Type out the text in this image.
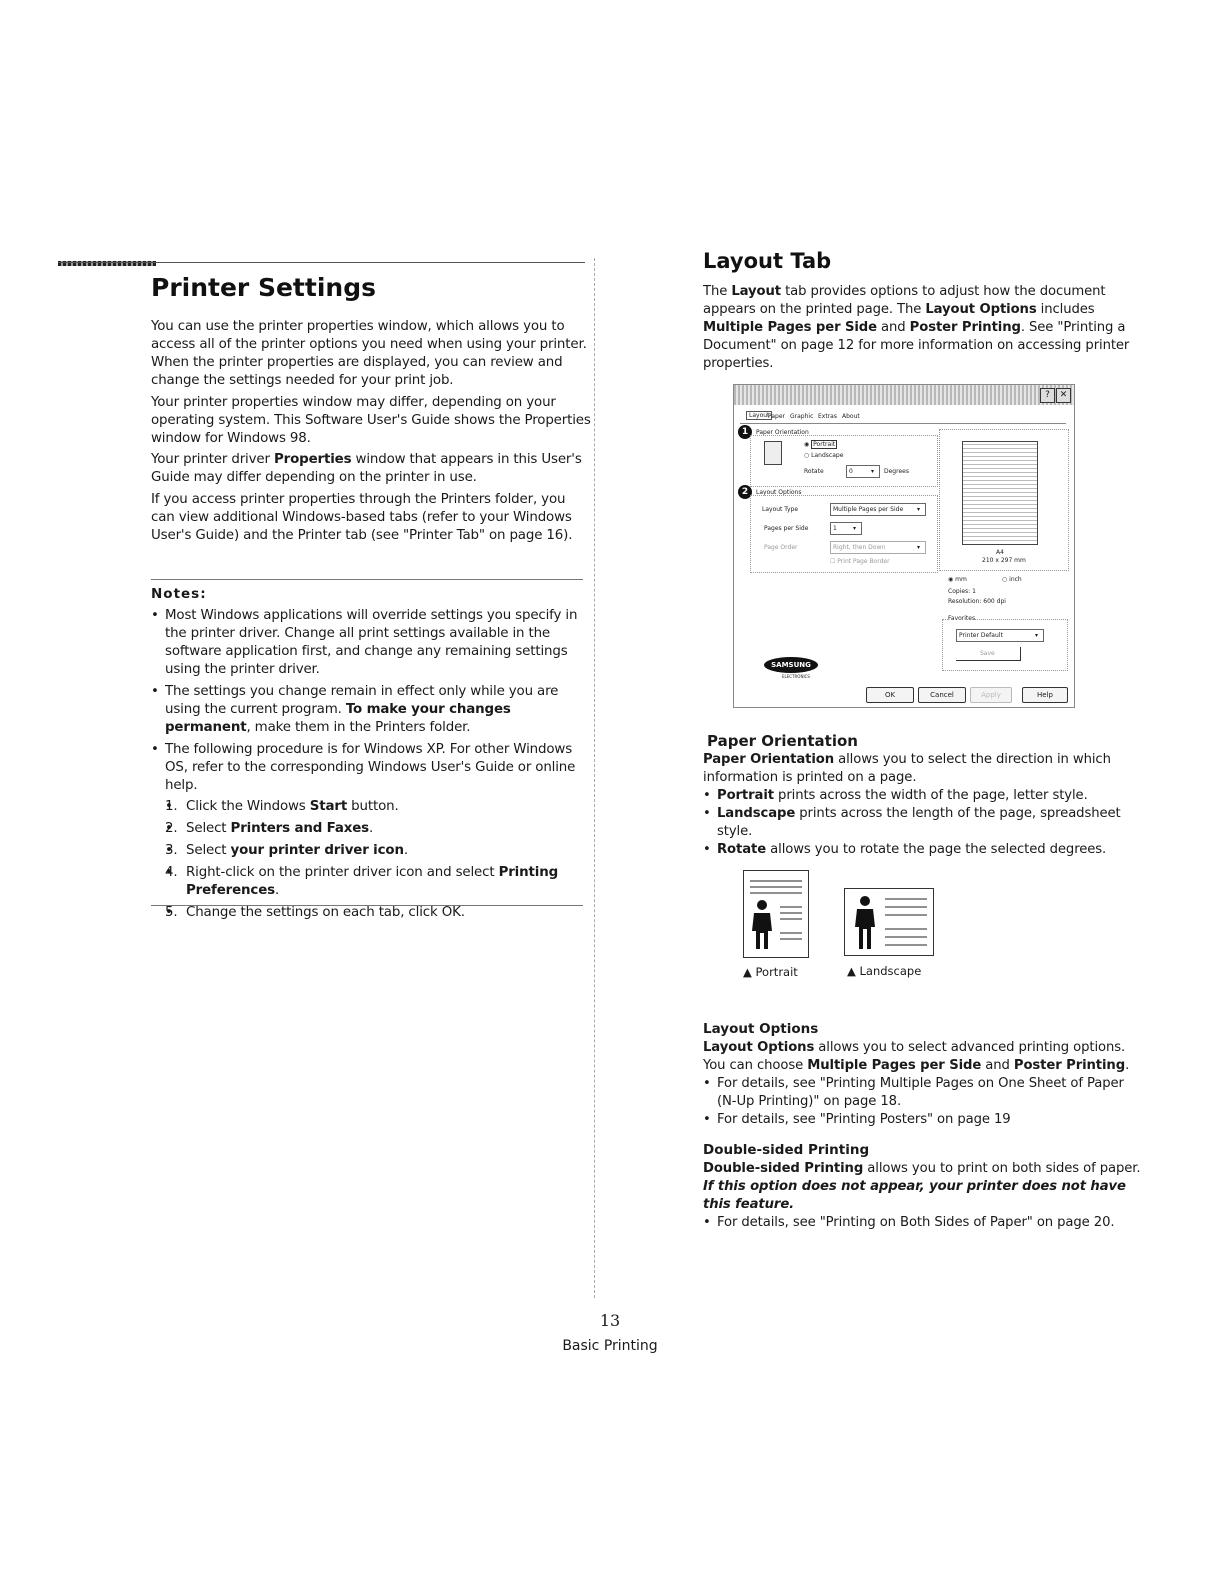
Printer Settings
You can use the printer properties window, which allows you to access all of the printer options you need when using your printer. When the printer properties are displayed, you can review and change the settings needed for your print job.
Your printer properties window may differ, depending on your operating system. This Software User's Guide shows the Properties window for Windows 98.
Your printer driver Properties window that appears in this User's Guide may differ depending on the printer in use.
If you access printer properties through the Printers folder, you can view additional Windows-based tabs (refer to your Windows User's Guide) and the Printer tab (see "Printer Tab" on page 16).
Notes:
• Most Windows applications will override settings you specify in the printer driver. Change all print settings available in the software application first, and change any remaining settings using the printer driver.
• The settings you change remain in effect only while you are using the current program. To make your changes permanent, make them in the Printers folder.
• The following procedure is for Windows XP. For other Windows OS, refer to the corresponding Windows User's Guide or online help.
• 1. Click the Windows Start button.
• 2. Select Printers and Faxes.
• 3. Select your printer driver icon.
• 4. Right-click on the printer driver icon and select Printing Preferences.
• 5. Change the settings on each tab, click OK.
Layout Tab
The Layout tab provides options to adjust how the document appears on the printed page. The Layout Options includes Multiple Pages per Side and Poster Printing. See "Printing a Document" on page 12 for more information on accessing printer properties.
?	✕
Layout
Paper Graphic Extras About
1	Paper Orientation
◉ Portrait
○ Landscape
Rotate	0	▾ Degrees
2	Layout Options
Layout Type	Multiple Pages per Side ▾
Pages per Side	1	▾
Page Order	Right, then Down	▾
☐ Print Page Border
A4
210 x 297 mm
◉ mm	○ inch
Copies: 1
Resolution: 600 dpi
Favorites
Printer Default	▾
Save
SAMSUNG
ELECTRONICS
OK	Cancel	Apply	Help
Paper Orientation
Paper Orientation allows you to select the direction in which information is printed on a page.
• Portrait prints across the width of the page, letter style.
• Landscape prints across the length of the page, spreadsheet style.
• Rotate allows you to rotate the page the selected degrees.
▲ Portrait	▲ Landscape
Layout Options
Layout Options allows you to select advanced printing options. You can choose Multiple Pages per Side and Poster Printing.
• For details, see "Printing Multiple Pages on One Sheet of Paper (N-Up Printing)" on page 18.
• For details, see "Printing Posters" on page 19
Double-sided Printing
Double-sided Printing allows you to print on both sides of paper. If this option does not appear, your printer does not have this feature.
• For details, see "Printing on Both Sides of Paper" on page 20.
13
Basic Printing
